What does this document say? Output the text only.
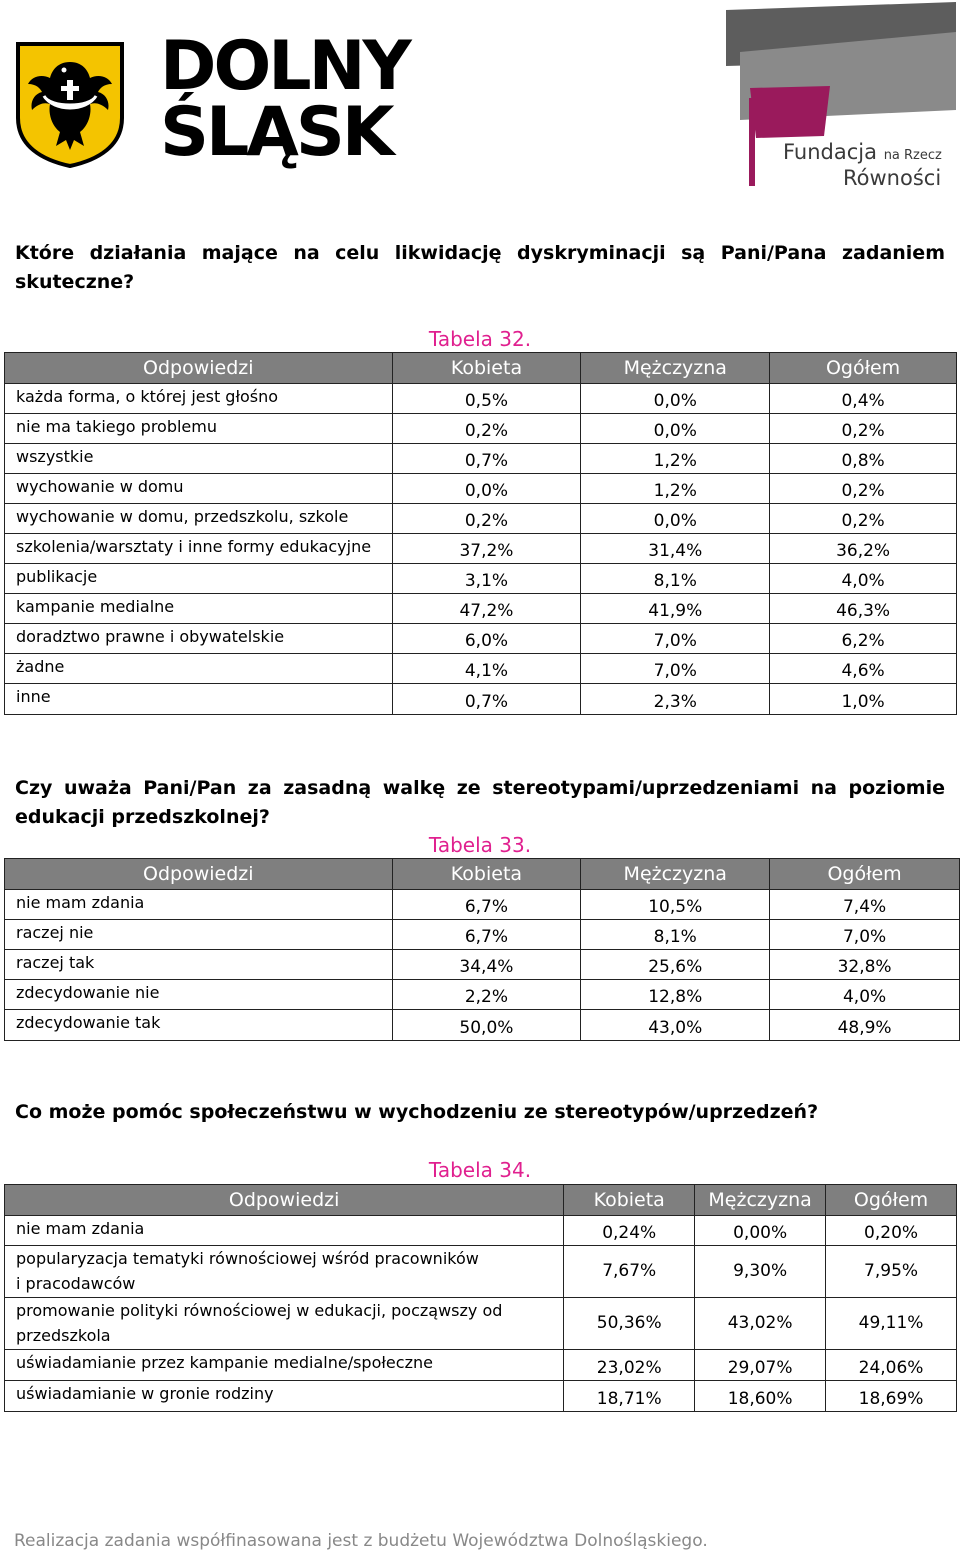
DOLNY
ŚLĄSK	Fundacja na Rzecz
Równości
Które działania mające na celu likwidację dyskryminacji są Pani/Pana zadaniem
skuteczne?
Tabela 32.
Odpowiedzi	Kobieta	Mężczyzna	Ogółem
każda forma, o której jest głośno	0,5%	0,0%	0,4%
nie ma takiego problemu	0,2%	0,0%	0,2%
wszystkie	0,7%	1,2%	0,8%
wychowanie w domu	0,0%	1,2%	0,2%
wychowanie w domu, przedszkolu, szkole	0,2%	0,0%	0,2%
szkolenia/warsztaty i inne formy edukacyjne	37,2%	31,4%	36,2%
publikacje	3,1%	8,1%	4,0%
kampanie medialne	47,2%	41,9%	46,3%
doradztwo prawne i obywatelskie	6,0%	7,0%	6,2%
żadne	4,1%	7,0%	4,6%
inne	0,7%	2,3%	1,0%
Czy uważa Pani/Pan za zasadną walkę ze stereotypami/uprzedzeniami na poziomie
edukacji przedszkolnej?
Tabela 33.
Odpowiedzi	Kobieta	Mężczyzna	Ogółem
nie mam zdania	6,7%	10,5%	7,4%
raczej nie	6,7%	8,1%	7,0%
raczej tak	34,4%	25,6%	32,8%
zdecydowanie nie	2,2%	12,8%	4,0%
zdecydowanie tak	50,0%	43,0%	48,9%
Co może pomóc społeczeństwu w wychodzeniu ze stereotypów/uprzedzeń?
Tabela 34.
Odpowiedzi	Kobieta	Mężczyzna	Ogółem

nie mam zdania	0,24%	0,00%	0,20%

popularyzacja tematyki równościowej wśród pracowników
i pracodawców	7,67%	9,30%	7,95%

promowanie polityki równościowej w edukacji, począwszy od
przedszkola	50,36%	43,02%	49,11%

uświadamianie przez kampanie medialne/społeczne	23,02%	29,07%	24,06%

uświadamianie w gronie rodziny	18,71%	18,60%	18,69%
Realizacja zadania współfinasowana jest z budżetu Województwa Dolnośląskiego.
